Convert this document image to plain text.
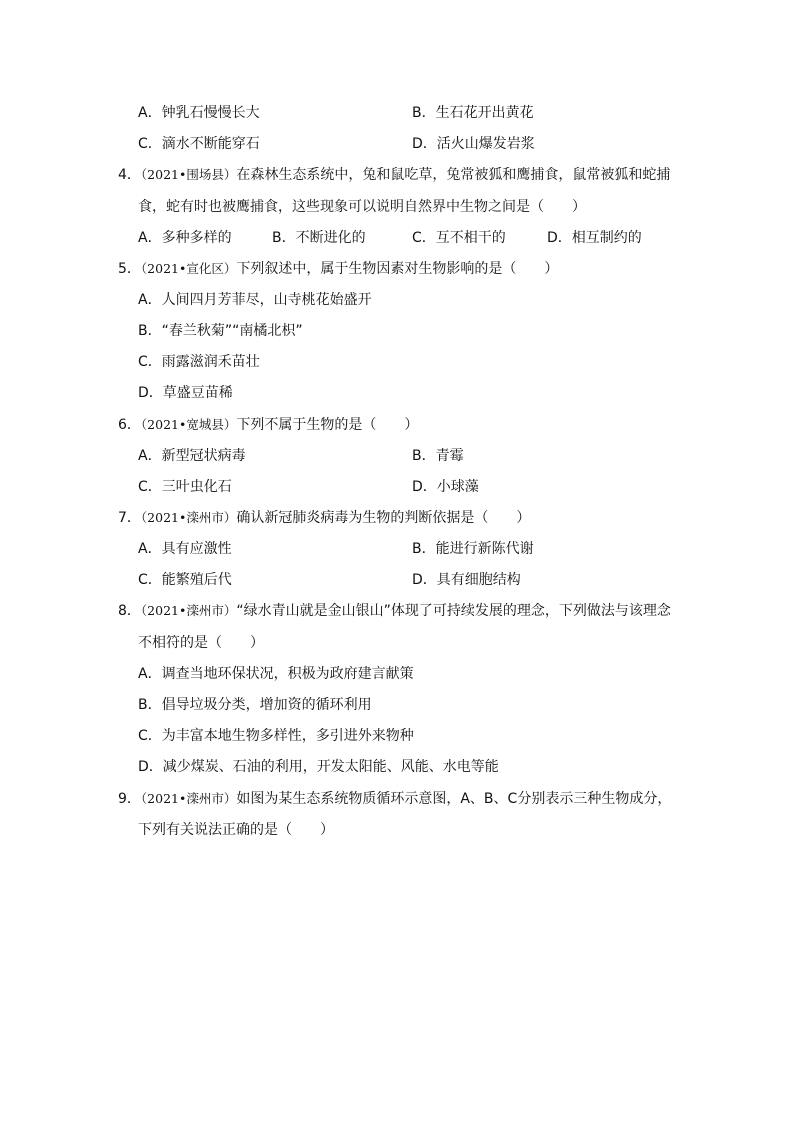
A．钟乳石慢慢长大	B．生石花开出黄花
C．滴水不断能穿石	D．活火山爆发岩浆
4．（2021•围场县）在森林生态系统中，兔和鼠吃草，兔常被狐和鹰捕食，鼠常被狐和蛇捕
食，蛇有时也被鹰捕食，这些现象可以说明自然界中生物之间是（　　）
A．多种多样的	B．不断进化的	C．互不相干的	D．相互制约的
5．（2021•宣化区）下列叙述中，属于生物因素对生物影响的是（　　）
A．人间四月芳菲尽，山寺桃花始盛开
B．“春兰秋菊”“南橘北枳”
C．雨露滋润禾苗壮
D．草盛豆苗稀
6．（2021•宽城县）下列不属于生物的是（　　）
A．新型冠状病毒	B．青霉
C．三叶虫化石	D．小球藻
7．（2021•滦州市）确认新冠肺炎病毒为生物的判断依据是（　　）
A．具有应激性	B．能进行新陈代谢
C．能繁殖后代	D．具有细胞结构
8．（2021•滦州市）“绿水青山就是金山银山”体现了可持续发展的理念，下列做法与该理念
不相符的是（　　）
A．调查当地环保状况，积极为政府建言献策
B．倡导垃圾分类，增加资的循环利用
C．为丰富本地生物多样性，多引进外来物种
D．减少煤炭、石油的利用，开发太阳能、风能、水电等能
9．（2021•滦州市）如图为某生态系统物质循环示意图，A、B、C分别表示三种生物成分，
下列有关说法正确的是（　　）
